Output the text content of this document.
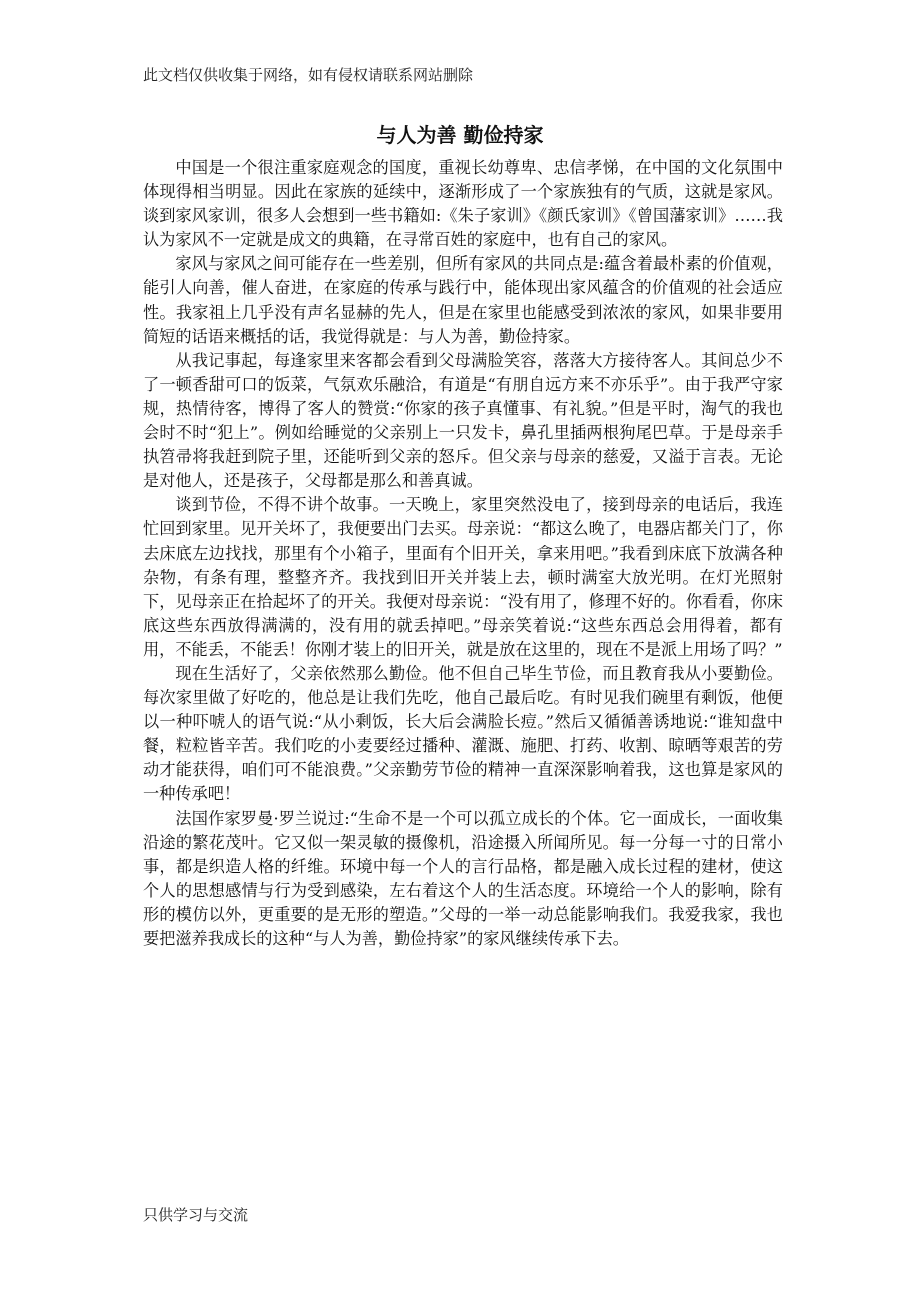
此文档仅供收集于网络，如有侵权请联系网站删除
与人为善 勤俭持家

中国是一个很注重家庭观念的国度，重视长幼尊卑、忠信孝悌，在中国的文化氛围中体现得相当明显。因此在家族的延续中，逐渐形成了一个家族独有的气质，这就是家风。谈到家风家训，很多人会想到一些书籍如:《朱子家训》《颜氏家训》《曾国藩家训》……我认为家风不一定就是成文的典籍，在寻常百姓的家庭中，也有自己的家风。

家风与家风之间可能存在一些差别，但所有家风的共同点是:蕴含着最朴素的价值观，能引人向善，催人奋进，在家庭的传承与践行中，能体现出家风蕴含的价值观的社会适应性。我家祖上几乎没有声名显赫的先人，但是在家里也能感受到浓浓的家风，如果非要用简短的话语来概括的话，我觉得就是：与人为善，勤俭持家。

从我记事起，每逢家里来客都会看到父母满脸笑容，落落大方接待客人。其间总少不了一顿香甜可口的饭菜，气氛欢乐融洽，有道是“有朋自远方来不亦乐乎”。由于我严守家规，热情待客，博得了客人的赞赏:“你家的孩子真懂事、有礼貌。”但是平时，淘气的我也会时不时“犯上”。例如给睡觉的父亲别上一只发卡，鼻孔里插两根狗尾巴草。于是母亲手执笤帚将我赶到院子里，还能听到父亲的怒斥。但父亲与母亲的慈爱，又溢于言表。无论是对他人，还是孩子，父母都是那么和善真诚。

谈到节俭，不得不讲个故事。一天晚上，家里突然没电了，接到母亲的电话后，我连忙回到家里。见开关坏了，我便要出门去买。母亲说：“都这么晚了，电器店都关门了，你去床底左边找找，那里有个小箱子，里面有个旧开关，拿来用吧。”我看到床底下放满各种杂物，有条有理，整整齐齐。我找到旧开关并装上去，顿时满室大放光明。在灯光照射下，见母亲正在拾起坏了的开关。我便对母亲说：“没有用了，修理不好的。你看看，你床底这些东西放得满满的，没有用的就丢掉吧。”母亲笑着说:“这些东西总会用得着，都有用，不能丢，不能丢！你刚才装上的旧开关，就是放在这里的，现在不是派上用场了吗？”

现在生活好了，父亲依然那么勤俭。他不但自己毕生节俭，而且教育我从小要勤俭。每次家里做了好吃的，他总是让我们先吃，他自己最后吃。有时见我们碗里有剩饭，他便以一种吓唬人的语气说:“从小剩饭，长大后会满脸长痘。”然后又循循善诱地说:“谁知盘中餐，粒粒皆辛苦。我们吃的小麦要经过播种、灌溉、施肥、打药、收割、晾晒等艰苦的劳动才能获得，咱们可不能浪费。”父亲勤劳节俭的精神一直深深影响着我，这也算是家风的一种传承吧！

法国作家罗曼·罗兰说过:“生命不是一个可以孤立成长的个体。它一面成长，一面收集沿途的繁花茂叶。它又似一架灵敏的摄像机，沿途摄入所闻所见。每一分每一寸的日常小事，都是织造人格的纤维。环境中每一个人的言行品格，都是融入成长过程的建材，使这个人的思想感情与行为受到感染，左右着这个人的生活态度。环境给一个人的影响，除有形的模仿以外，更重要的是无形的塑造。”父母的一举一动总能影响我们。我爱我家，我也要把滋养我成长的这种“与人为善，勤俭持家”的家风继续传承下去。

只供学习与交流
